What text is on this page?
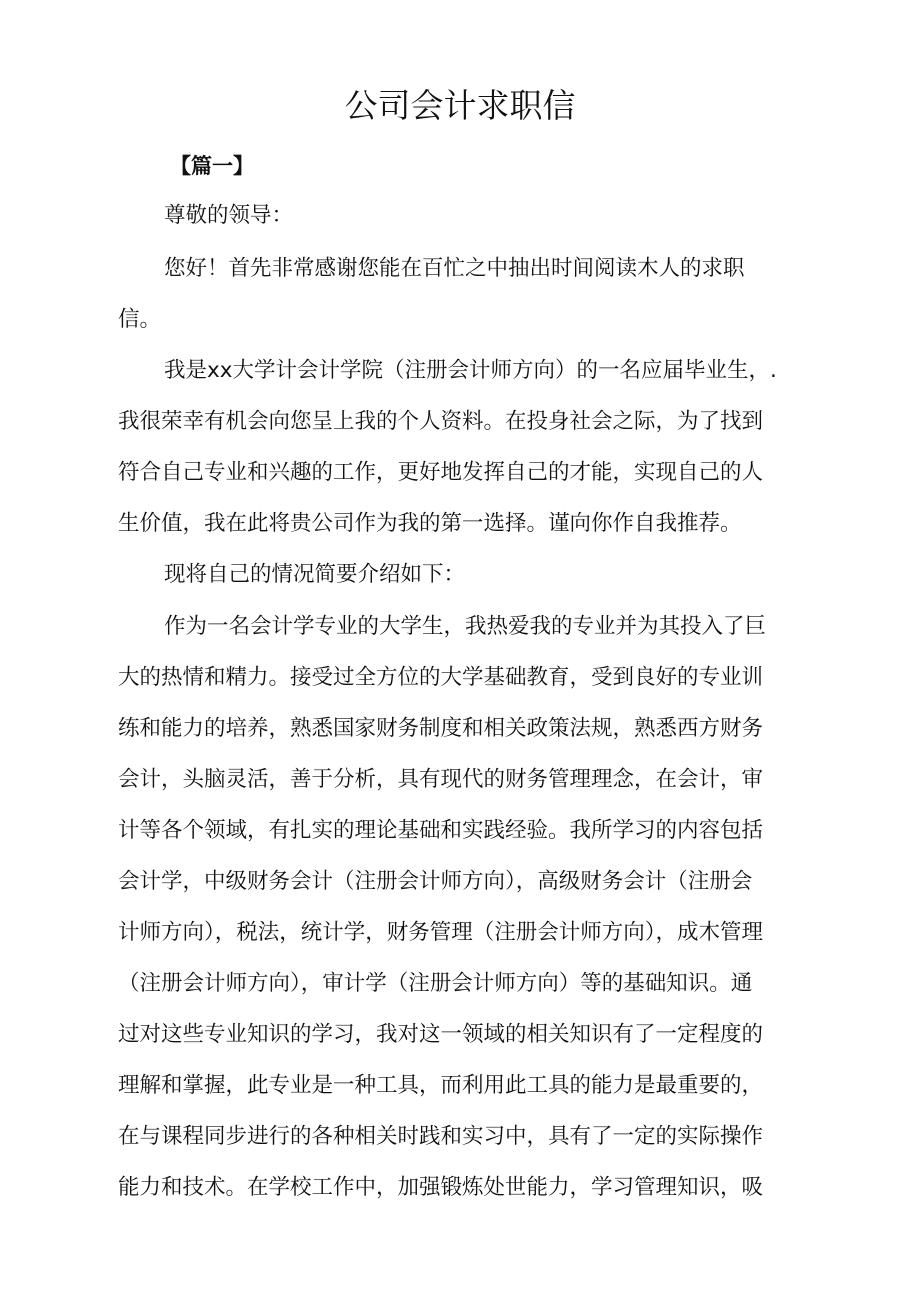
公司会计求职信
【篇一】

尊敬的领导：

您好！首先非常感谢您能在百忙之中抽出时间阅读木人的求职

信。

我是xx大学计会计学院（注册会计师方向）的一名应届毕业生，.

我很荣幸有机会向您呈上我的个人资料。在投身社会之际，为了找到

符合自己专业和兴趣的工作，更好地发挥自己的才能，实现自己的人

生价值，我在此将贵公司作为我的第一选择。谨向你作自我推荐。

现将自己的情况简要介绍如下：

作为一名会计学专业的大学生，我热爱我的专业并为其投入了巨

大的热情和精力。接受过全方位的大学基础教育，受到良好的专业训

练和能力的培养，熟悉国家财务制度和相关政策法规，熟悉西方财务

会计，头脑灵活，善于分析，具有现代的财务管理理念，在会计，审

计等各个领域，有扎实的理论基础和实践经验。我所学习的内容包括

会计学，中级财务会计（注册会计师方向），高级财务会计（注册会

计师方向），税法，统计学，财务管理（注册会计师方向），成木管理

（注册会计师方向），审计学（注册会计师方向）等的基础知识。通

过对这些专业知识的学习，我对这一领域的相关知识有了一定程度的

理解和掌握，此专业是一种工具，而利用此工具的能力是最重要的，

在与课程同步进行的各种相关时践和实习中，具有了一定的实际操作

能力和技术。在学校工作中，加强锻炼处世能力，学习管理知识，吸
